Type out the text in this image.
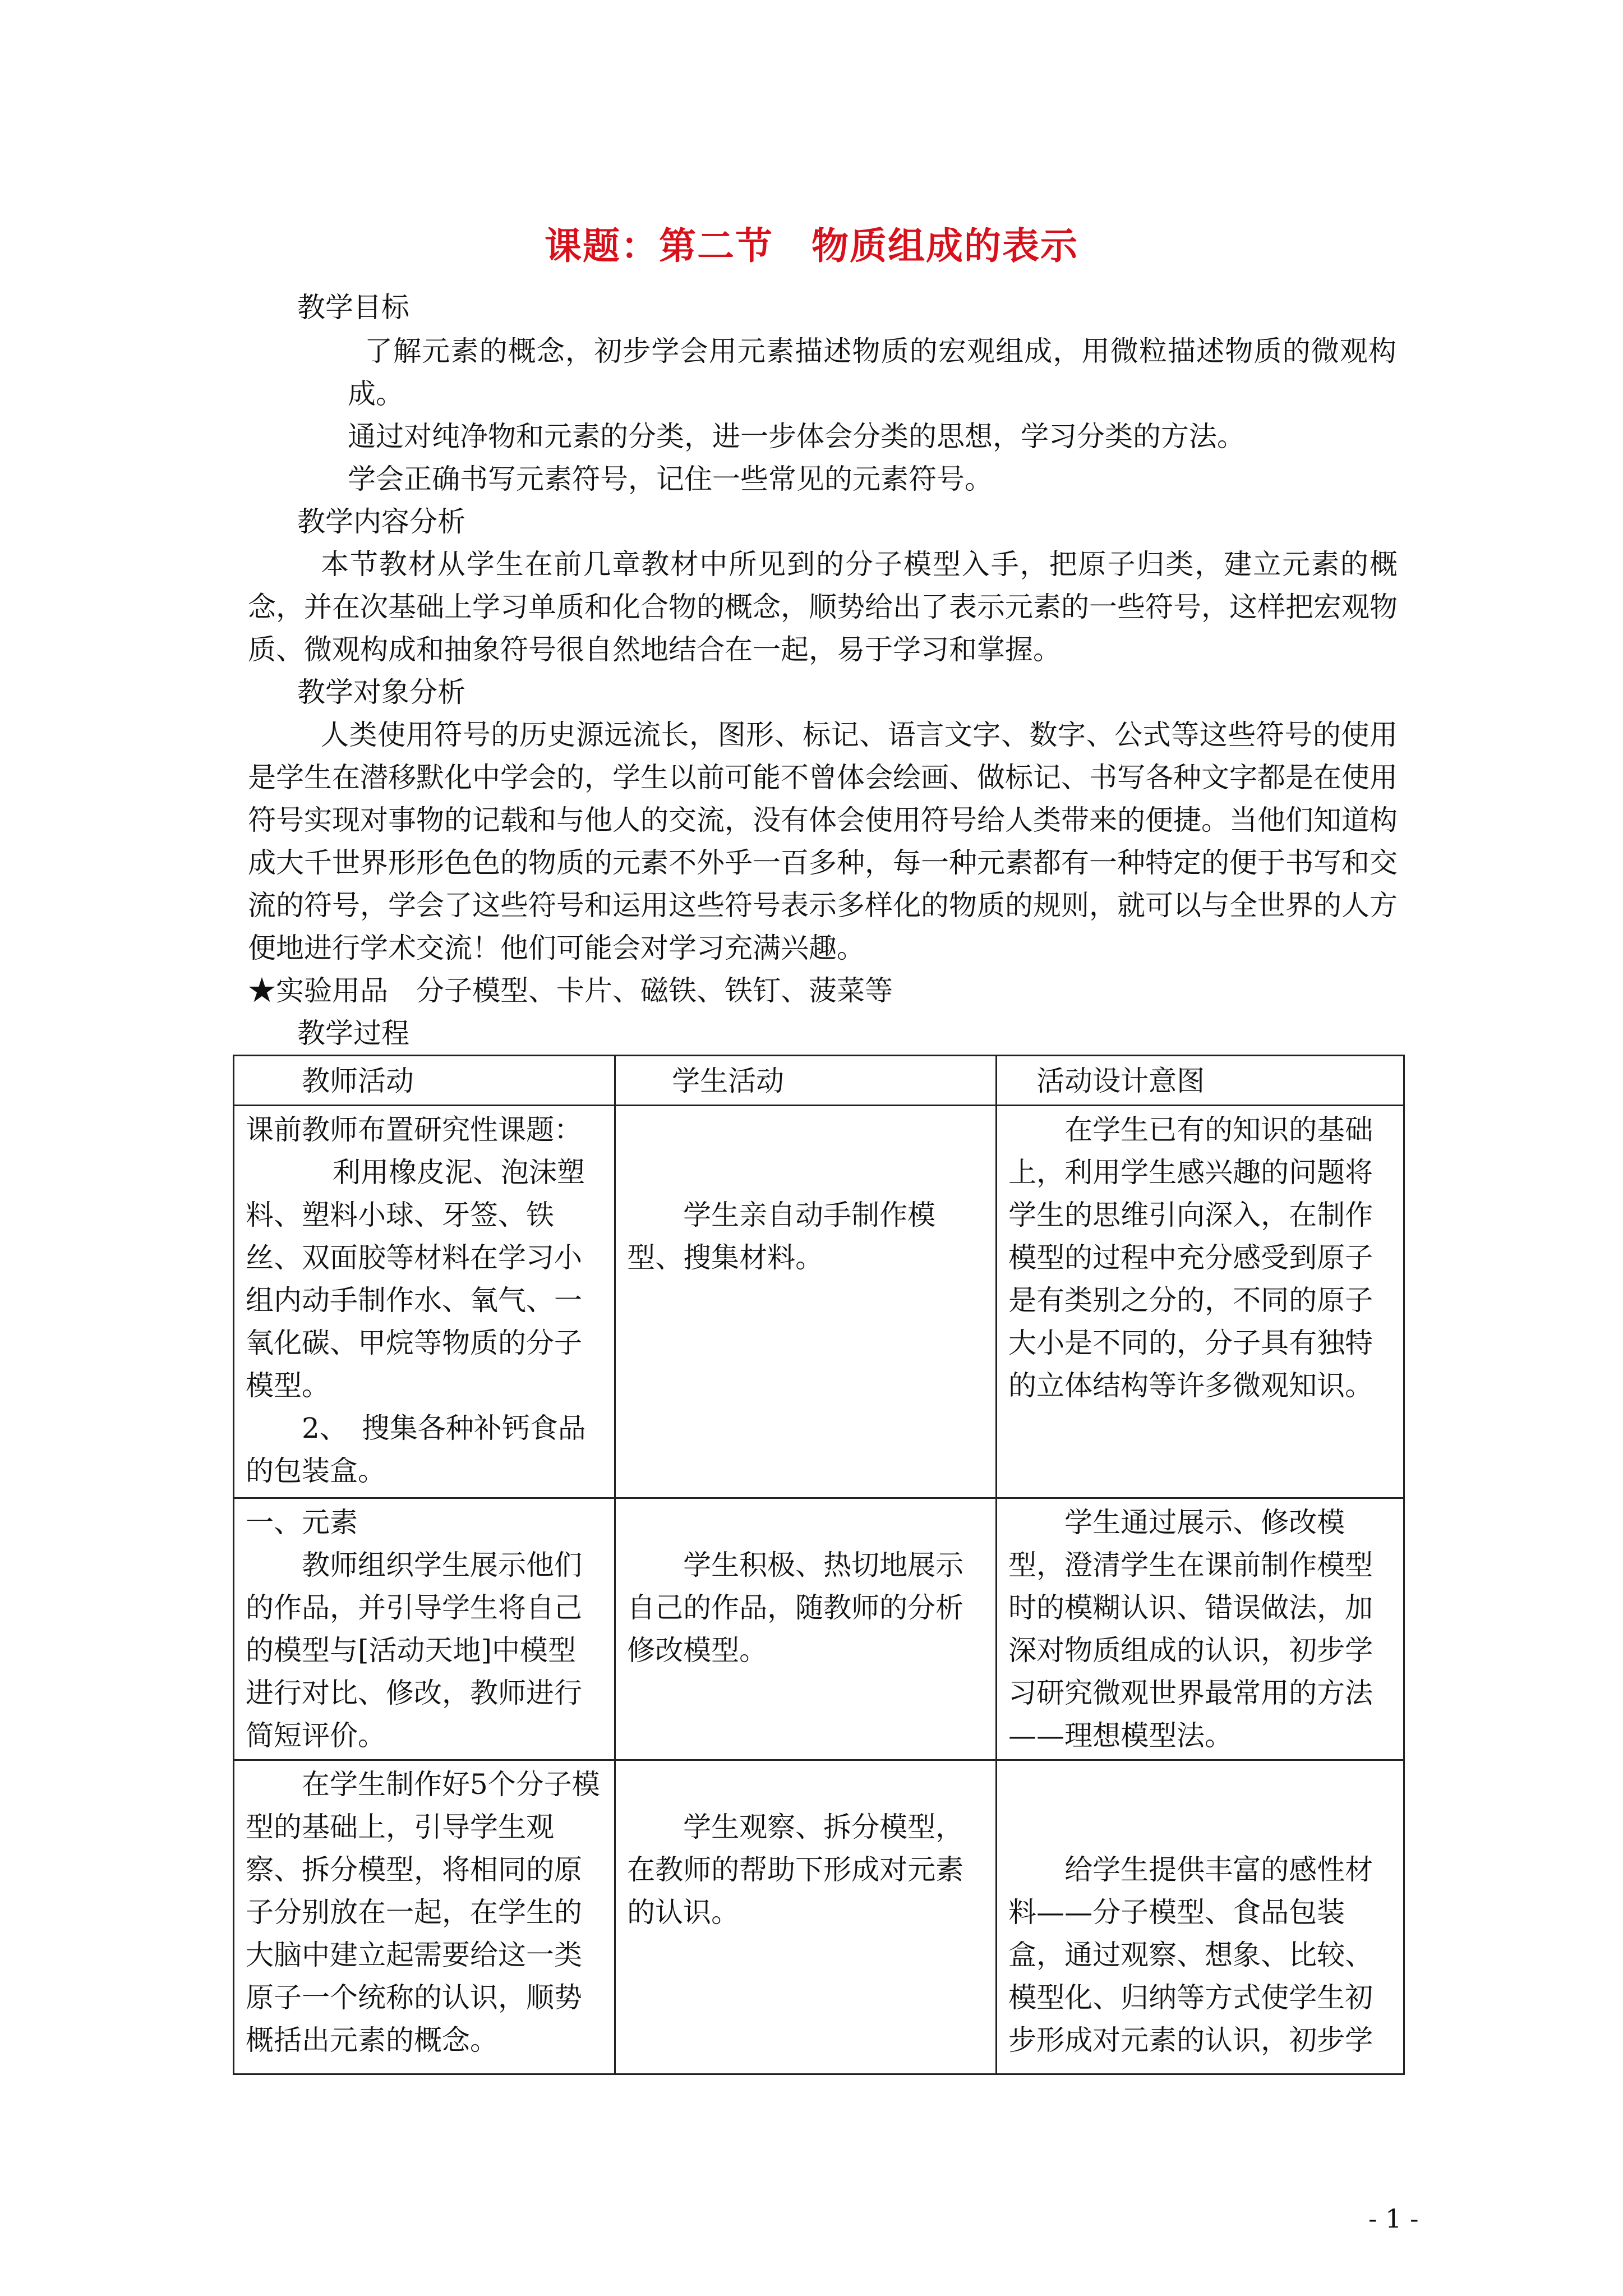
课题：第二节　物质组成的表示
教学目标
了解元素的概念，初步学会用元素描述物质的宏观组成，用微粒描述物质的微观构成。
通过对纯净物和元素的分类，进一步体会分类的思想，学习分类的方法。
学会正确书写元素符号，记住一些常见的元素符号。
教学内容分析
本节教材从学生在前几章教材中所见到的分子模型入手，把原子归类，建立元素的概念，并在次基础上学习单质和化合物的概念，顺势给出了表示元素的一些符号，这样把宏观物质、微观构成和抽象符号很自然地结合在一起，易于学习和掌握。
教学对象分析
人类使用符号的历史源远流长，图形、标记、语言文字、数字、公式等这些符号的使用是学生在潜移默化中学会的，学生以前可能不曾体会绘画、做标记、书写各种文字都是在使用符号实现对事物的记载和与他人的交流，没有体会使用符号给人类带来的便捷。当他们知道构成大千世界形形色色的物质的元素不外乎一百多种，每一种元素都有一种特定的便于书写和交流的符号，学会了这些符号和运用这些符号表示多样化的物质的规则，就可以与全世界的人方便地进行学术交流！他们可能会对学习充满兴趣。
★实验用品　分子模型、卡片、磁铁、铁钉、菠菜等
教学过程
教师活动	学生活动	活动设计意图

课前教师布置研究性课题：
利用橡皮泥、泡沫塑料、塑料小球、牙签、铁丝、双面胶等材料在学习小组内动手制作水、氧气、一氧化碳、甲烷等物质的分子模型。
2、　搜集各种补钙食品的包装盒。	学生亲自动手制作模型、搜集材料。	在学生已有的知识的基础上，利用学生感兴趣的问题将学生的思维引向深入，在制作模型的过程中充分感受到原子是有类别之分的，不同的原子大小是不同的，分子具有独特的立体结构等许多微观知识。

一、元素
教师组织学生展示他们的作品，并引导学生将自己的模型与[活动天地]中模型进行对比、修改，教师进行简短评价。	学生积极、热切地展示自己的作品，随教师的分析修改模型。	学生通过展示、修改模型，澄清学生在课前制作模型时的模糊认识、错误做法，加深对物质组成的认识，初步学习研究微观世界最常用的方法——理想模型法。

在学生制作好5个分子模型的基础上，引导学生观察、拆分模型，将相同的原子分别放在一起，在学生的大脑中建立起需要给这一类原子一个统称的认识，顺势概括出元素的概念。	学生观察、拆分模型，在教师的帮助下形成对元素的认识。	给学生提供丰富的感性材料——分子模型、食品包装盒，通过观察、想象、比较、模型化、归纳等方式使学生初步形成对元素的认识，初步学
- 1 -
